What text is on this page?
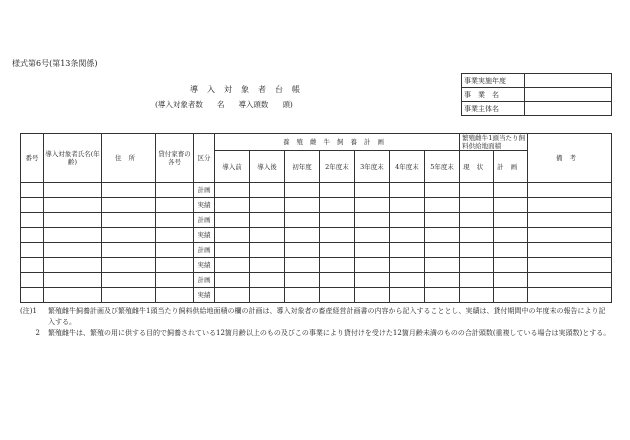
様式第6号(第13条関係)
導入対象者台帳
(導入対象者数 名 導入頭数 頭)
事業実施年度	
事業名	
事業主体名	
番号	導入対象者氏名(年齢)	住所	貸付家畜の各号	区分	養殖雌牛飼養計画							繁殖雌牛1頭当たり飼料供給地面積		備考
					導入前	導入後	初年度	2年度末	3年度末	4年度末	5年度末	現状	計画	
				計画										
				実績										
				計画										
				実績										
				計画										
				実績										
				計画										
				実績										
(注)1	繁殖雌牛飼養計画及び繁殖雌牛1頭当たり飼料供給地面積の欄の計画は、導入対象者の畜産経営計画書の内容から記入することとし、実績は、貸付期間中の年度末の報告により記入する。
2	繁殖雌牛は、繁殖の用に供する目的で飼養されている12箇月齢以上のもの及びこの事業により貸付けを受けた12箇月齢未満のものの合計頭数(重複している場合は実頭数)とする。
